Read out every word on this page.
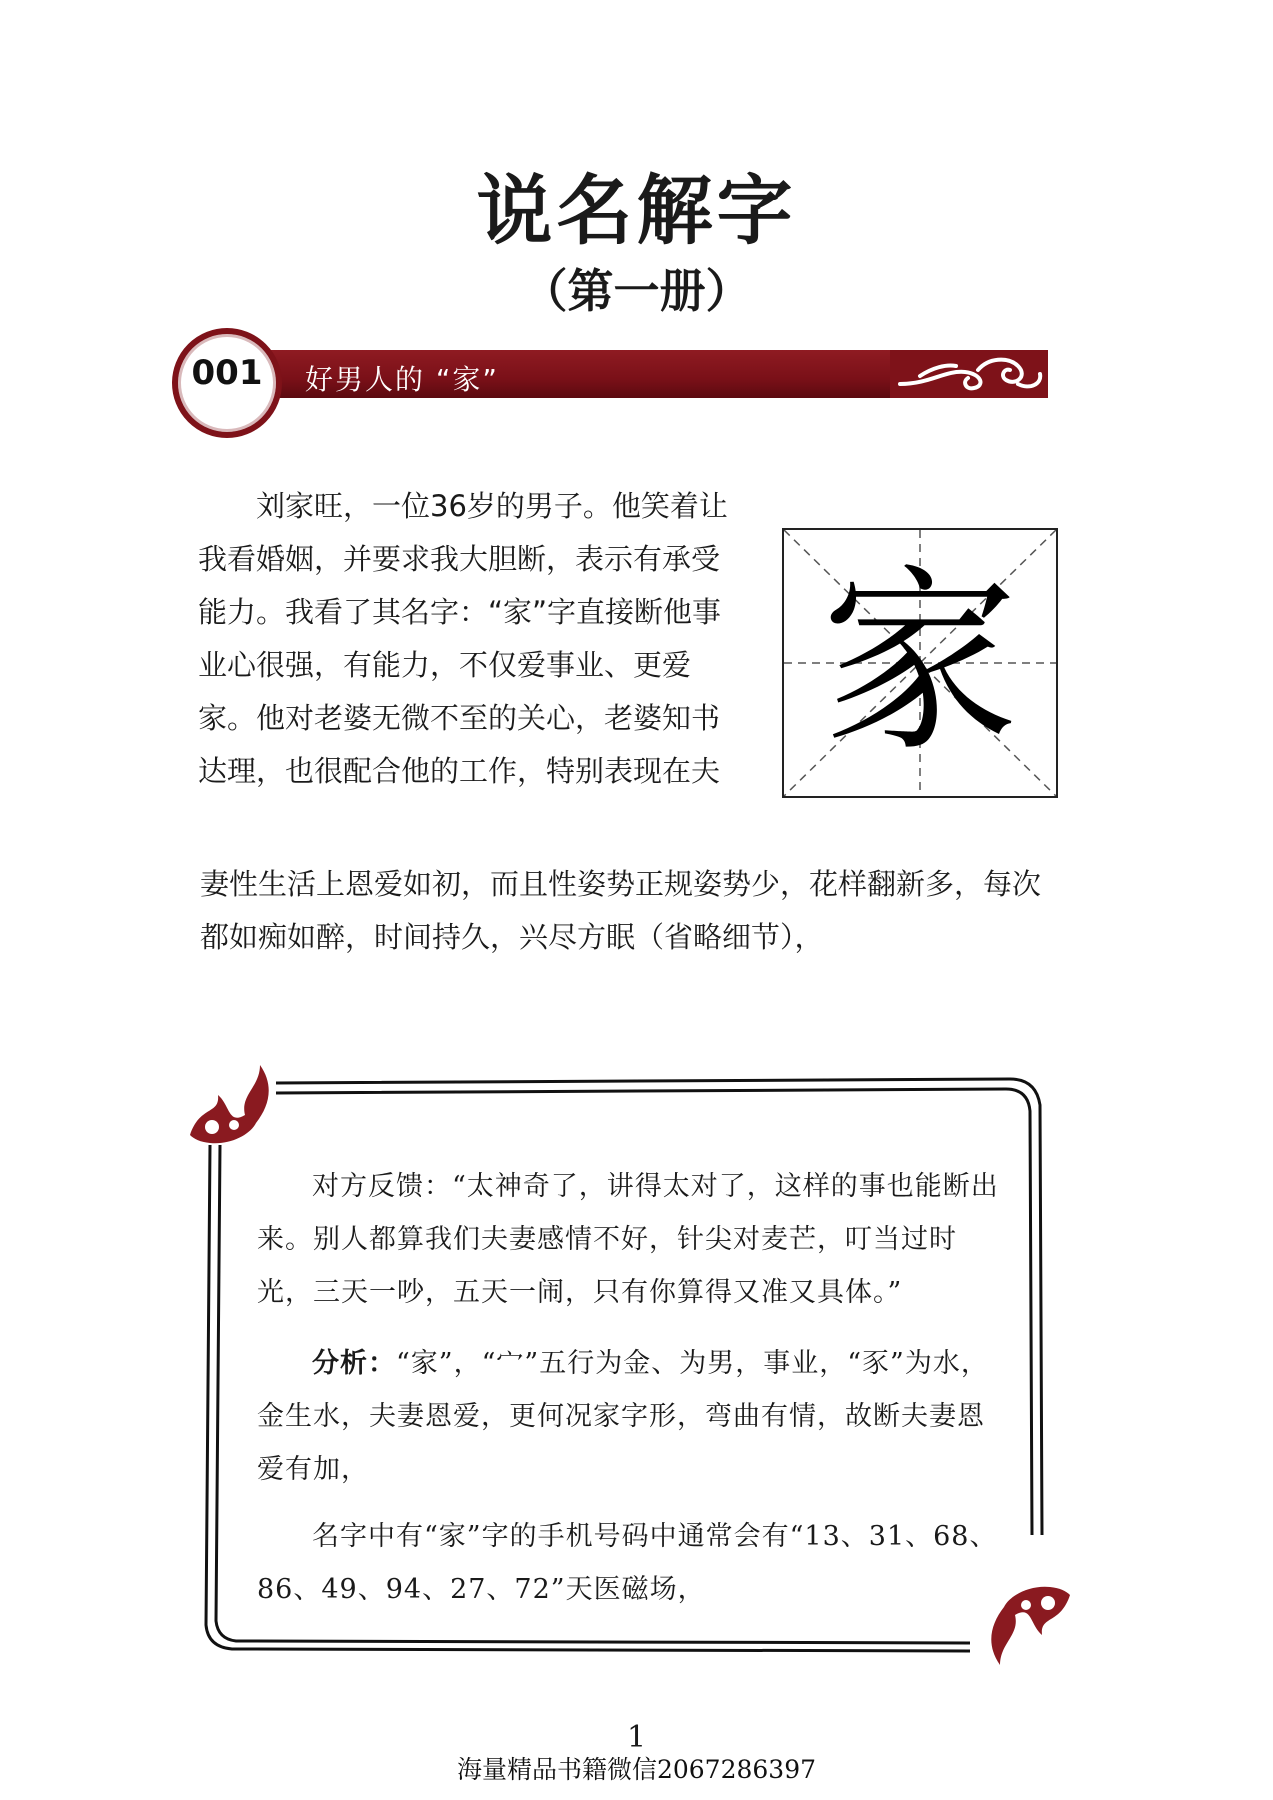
说名解字
（第一册）
001	好男人的 “家”

刘家旺，一位36岁的男子。他笑着让我看婚姻，并要求我大胆断，表示有承受能力。我看了其名字：“家”字直接断他事业心很强，有能力，不仅爱事业、更爱家。他对老婆无微不至的关心，老婆知书达理，也很配合他的工作，特别表现在夫 家

妻性生活上恩爱如初，而且性姿势正规姿势少，花样翻新多，每次都如痴如醉，时间持久，兴尽方眠（省略细节），

对方反馈：“太神奇了，讲得太对了，这样的事也能断出来。别人都算我们夫妻感情不好，针尖对麦芒，叮当过时光，三天一吵，五天一闹，只有你算得又准又具体。”

分析：“家”，“宀”五行为金、为男，事业，“豕”为水，金生水，夫妻恩爱，更何况家字形，弯曲有情，故断夫妻恩爱有加，

名字中有“家”字的手机号码中通常会有“13、31、68、86、49、94、27、72”天医磁场，

1
海量精品书籍微信2067286397
